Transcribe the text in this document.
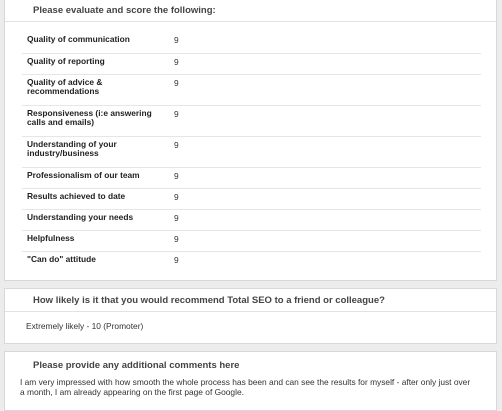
Please evaluate and score the following:
Quality of communication	9
Quality of reporting	9
Quality of advice & recommendations	9
Responsiveness (i:e answering calls and emails)	9
Understanding of your industry/business	9
Professionalism of our team	9
Results achieved to date	9
Understanding your needs	9
Helpfulness	9
"Can do" attitude	9
How likely is it that you would recommend Total SEO to a friend or colleague?
Extremely likely - 10 (Promoter)
Please provide any additional comments here
I am very impressed with how smooth the whole process has been and can see the results for myself - after only just over a month, I am already appearing on the first page of Google.
